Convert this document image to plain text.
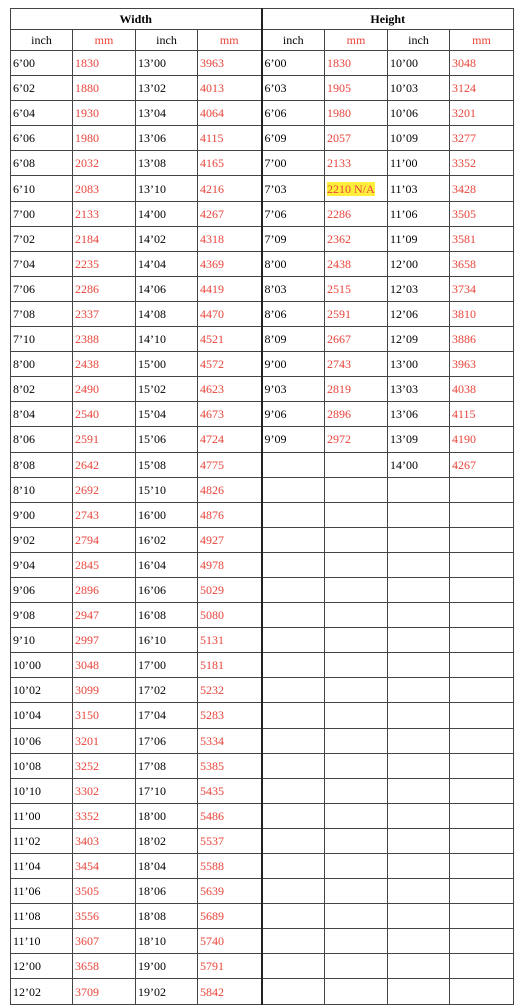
Width				Height			
inch	mm	inch	mm	inch	mm	inch	mm
6’00	1830	13’00	3963	6’00	1830	10’00	3048
6’02	1880	13’02	4013	6’03	1905	10’03	3124
6’04	1930	13’04	4064	6’06	1980	10’06	3201
6’06	1980	13’06	4115	6’09	2057	10’09	3277
6’08	2032	13’08	4165	7’00	2133	11’00	3352
6’10	2083	13’10	4216	7’03	2210 N/A	11’03	3428
7’00	2133	14’00	4267	7’06	2286	11’06	3505
7’02	2184	14’02	4318	7’09	2362	11’09	3581
7’04	2235	14’04	4369	8’00	2438	12’00	3658
7’06	2286	14’06	4419	8’03	2515	12’03	3734
7’08	2337	14’08	4470	8’06	2591	12’06	3810
7’10	2388	14’10	4521	8’09	2667	12’09	3886
8’00	2438	15’00	4572	9’00	2743	13’00	3963
8’02	2490	15’02	4623	9’03	2819	13’03	4038
8’04	2540	15’04	4673	9’06	2896	13’06	4115
8’06	2591	15’06	4724	9’09	2972	13’09	4190
8’08	2642	15’08	4775			14’00	4267
8’10	2692	15’10	4826				
9’00	2743	16’00	4876				
9’02	2794	16’02	4927				
9’04	2845	16’04	4978				
9’06	2896	16’06	5029				
9’08	2947	16’08	5080				
9’10	2997	16’10	5131				
10’00	3048	17’00	5181				
10’02	3099	17’02	5232				
10’04	3150	17’04	5283				
10’06	3201	17’06	5334				
10’08	3252	17’08	5385				
10’10	3302	17’10	5435				
11’00	3352	18’00	5486				
11’02	3403	18’02	5537				
11’04	3454	18’04	5588				
11’06	3505	18’06	5639				
11’08	3556	18’08	5689				
11’10	3607	18’10	5740				
12’00	3658	19’00	5791				
12’02	3709	19’02	5842				
